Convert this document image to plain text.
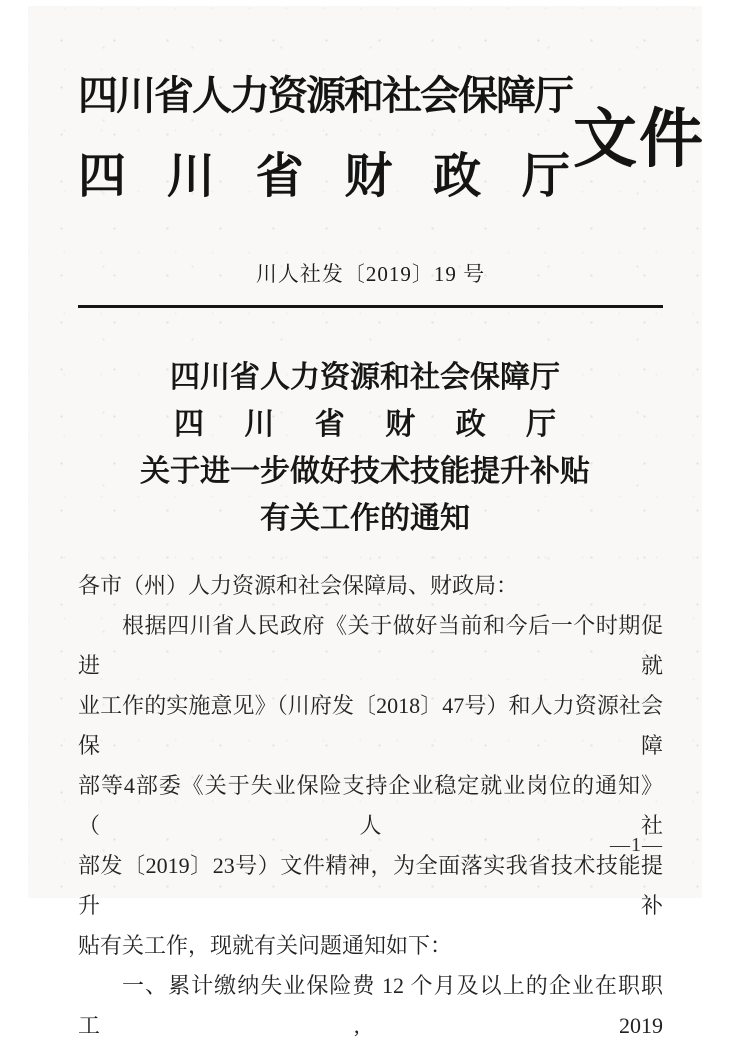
四川省人力资源和社会保障厅
四川省财政厅
文件
川人社发〔2019〕19 号
四川省人力资源和社会保障厅
四川省财政厅
关于进一步做好技术技能提升补贴
有关工作的通知
各市（州）人力资源和社会保障局、财政局：
根据四川省人民政府《关于做好当前和今后一个时期促进就
业工作的实施意见》（川府发〔2018〕47号）和人力资源社会保障
部等4部委《关于失业保险支持企业稳定就业岗位的通知》（人社
部发〔2019〕23号）文件精神，为全面落实我省技术技能提升补
贴有关工作，现就有关问题通知如下：
一、累计缴纳失业保险费 12 个月及以上的企业在职职工, 2019
—1—
